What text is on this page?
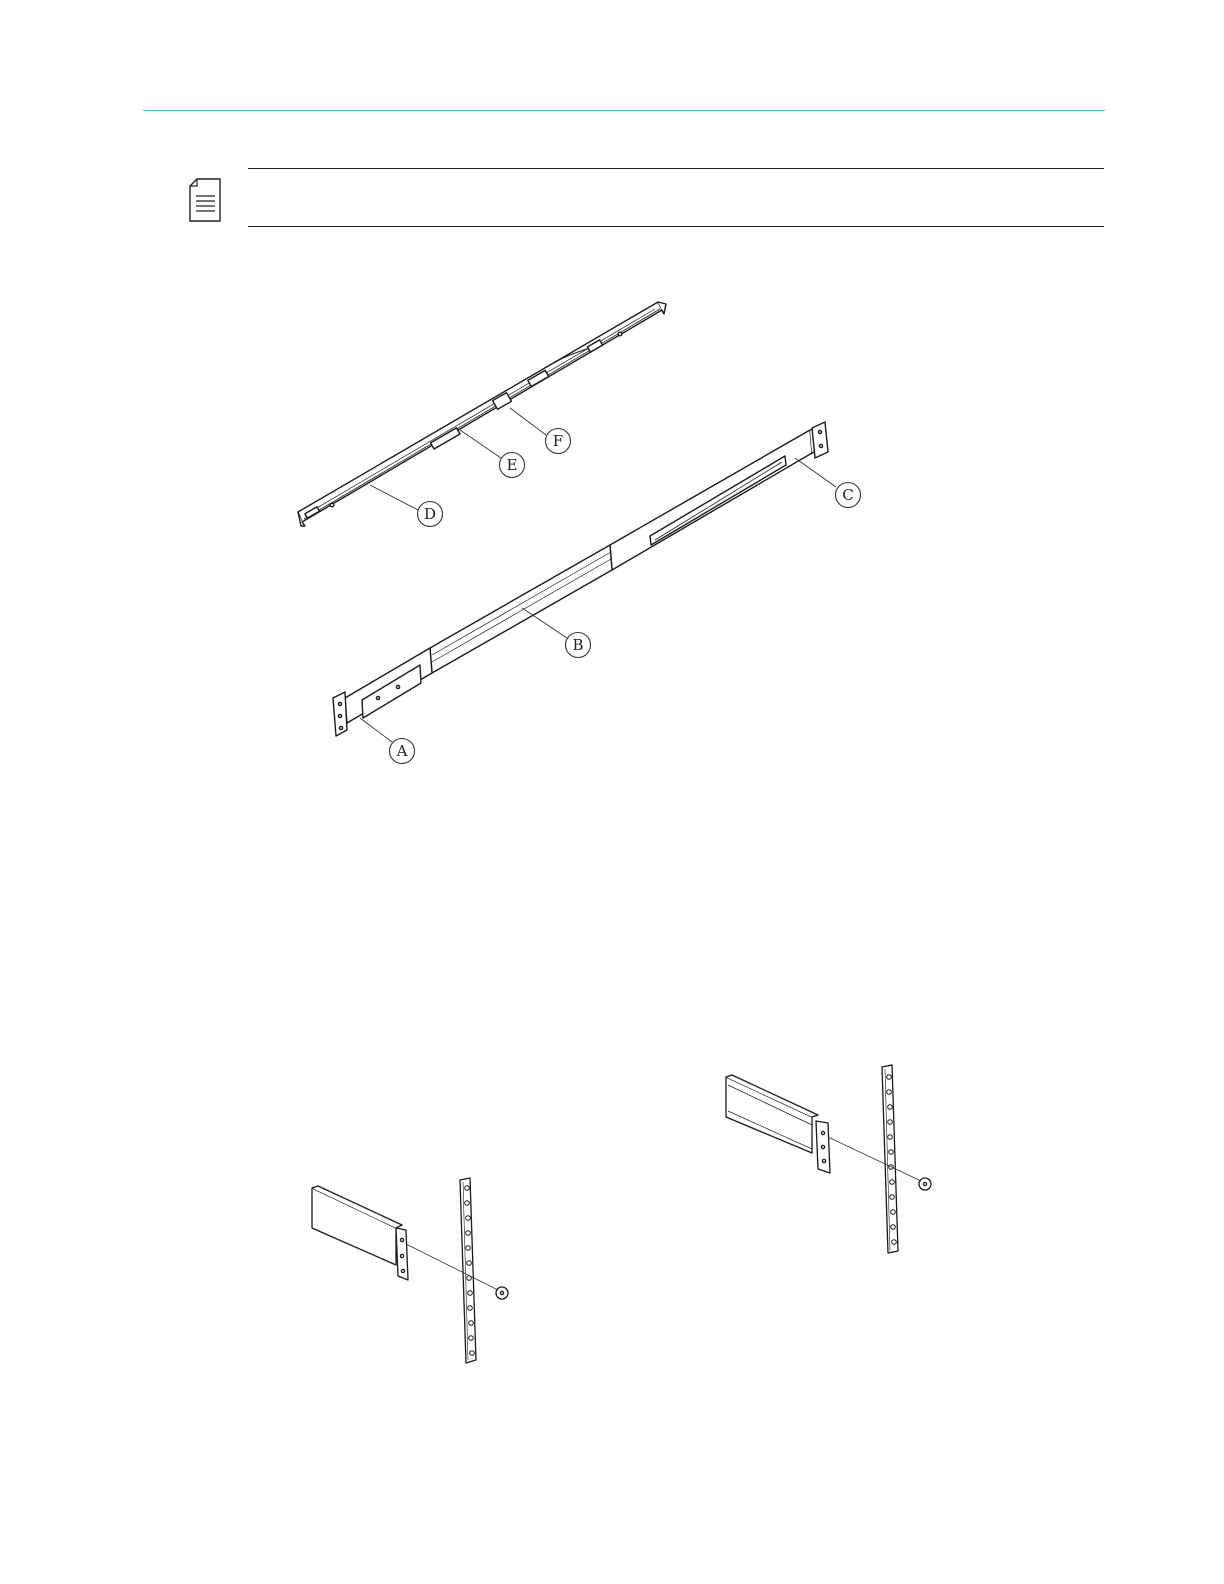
A
B
C
D
E
F
